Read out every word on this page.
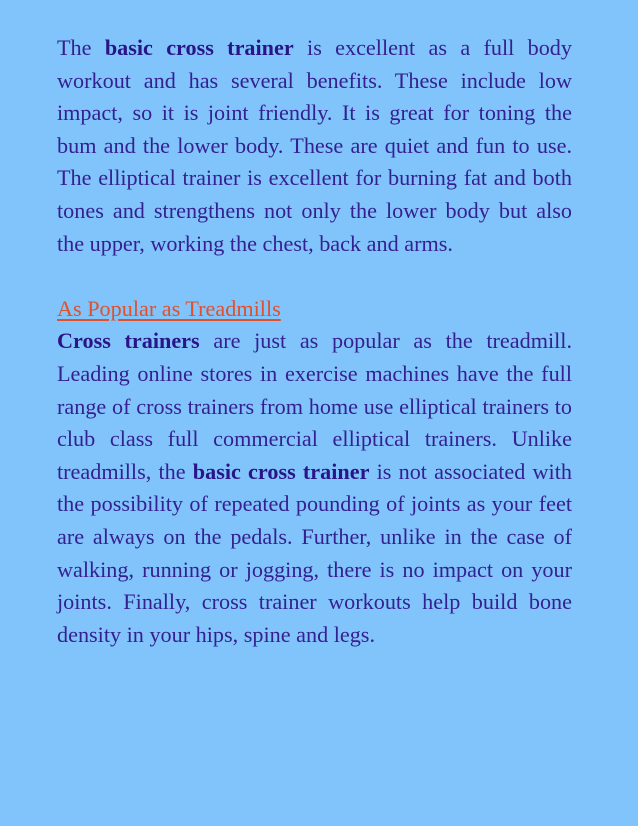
The basic cross trainer is excellent as a full body workout and has several benefits. These include low impact, so it is joint friendly. It is great for toning the bum and the lower body. These are quiet and fun to use. The elliptical trainer is excellent for burning fat and both tones and strengthens not only the lower body but also the upper, working the chest, back and arms.

As Popular as Treadmills

Cross trainers are just as popular as the treadmill. Leading online stores in exercise machines have the full range of cross trainers from home use elliptical trainers to club class full commercial elliptical trainers. Unlike treadmills, the basic cross trainer is not associated with the possibility of repeated pounding of joints as your feet are always on the pedals. Further, unlike in the case of walking, running or jogging, there is no impact on your joints. Finally, cross trainer workouts help build bone density in your hips, spine and legs.
